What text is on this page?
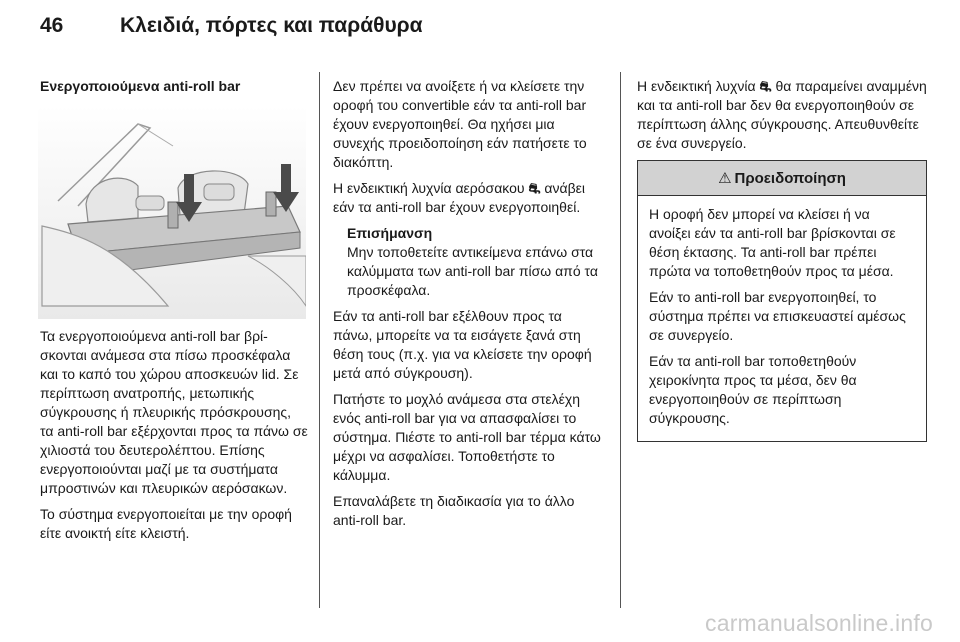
46	Κλειδιά, πόρτες και παράθυρα
Ενεργοποιούμενα anti-roll bar

Τα ενεργοποιούμενα anti-roll bar βρίσκονται ανάμεσα στα πίσω προσκέφαλα και το καπό του χώρου αποσκευών lid. Σε περίπτωση ανατροπής, μετωπικής σύγκρουσης ή πλευρικής πρόσκρουσης, τα anti-roll bar εξέρχονται προς τα πάνω σε χιλιοστά του δευτερολέπτου. Επίσης ενεργοποιούνται μαζί με τα συστήματα μπροστινών και πλευρικών αερόσακων.

Το σύστημα ενεργοποιείται με την οροφή είτε ανοικτή είτε κλειστή.

Δεν πρέπει να ανοίξετε ή να κλείσετε την οροφή του convertible εάν τα anti-roll bar έχουν ενεργοποιηθεί. Θα ηχήσει μια συνεχής προειδοποίηση εάν πατήσετε το διακόπτη.

Η ενδεικτική λυχνία αερόσακου ⛐ ανάβει εάν τα anti-roll bar έχουν ενεργοποιηθεί.

Επισήμανση
Μην τοποθετείτε αντικείμενα επάνω στα καλύμματα των anti-roll bar πίσω από τα προσκέφαλα.

Εάν τα anti-roll bar εξέλθουν προς τα πάνω, μπορείτε να τα εισάγετε ξανά στη θέση τους (π.χ. για να κλείσετε την οροφή μετά από σύγκρουση).

Πατήστε το μοχλό ανάμεσα στα στελέχη ενός anti-roll bar για να απασφαλίσει το σύστημα. Πιέστε το anti-roll bar τέρμα κάτω μέχρι να ασφαλίσει. Τοποθετήστε το κάλυμμα.

Επαναλάβετε τη διαδικασία για το άλλο anti-roll bar.

Η ενδεικτική λυχνία ⛐ θα παραμείνει αναμμένη και τα anti-roll bar δεν θα ενεργοποιηθούν σε περίπτωση άλλης σύγκρουσης. Απευθυνθείτε σε ένα συνεργείο.

⚠ Προειδοποίηση

Η οροφή δεν μπορεί να κλείσει ή να ανοίξει εάν τα anti-roll bar βρίσκονται σε θέση έκτασης. Τα anti-roll bar πρέπει πρώτα να τοποθετηθούν προς τα μέσα.

Εάν το anti-roll bar ενεργοποιηθεί, το σύστημα πρέπει να επισκευαστεί αμέσως σε συνεργείο.

Εάν τα anti-roll bar τοποθετηθούν χειροκίνητα προς τα μέσα, δεν θα ενεργοποιηθούν σε περίπτωση σύγκρουσης.

carmanualsonline.info
